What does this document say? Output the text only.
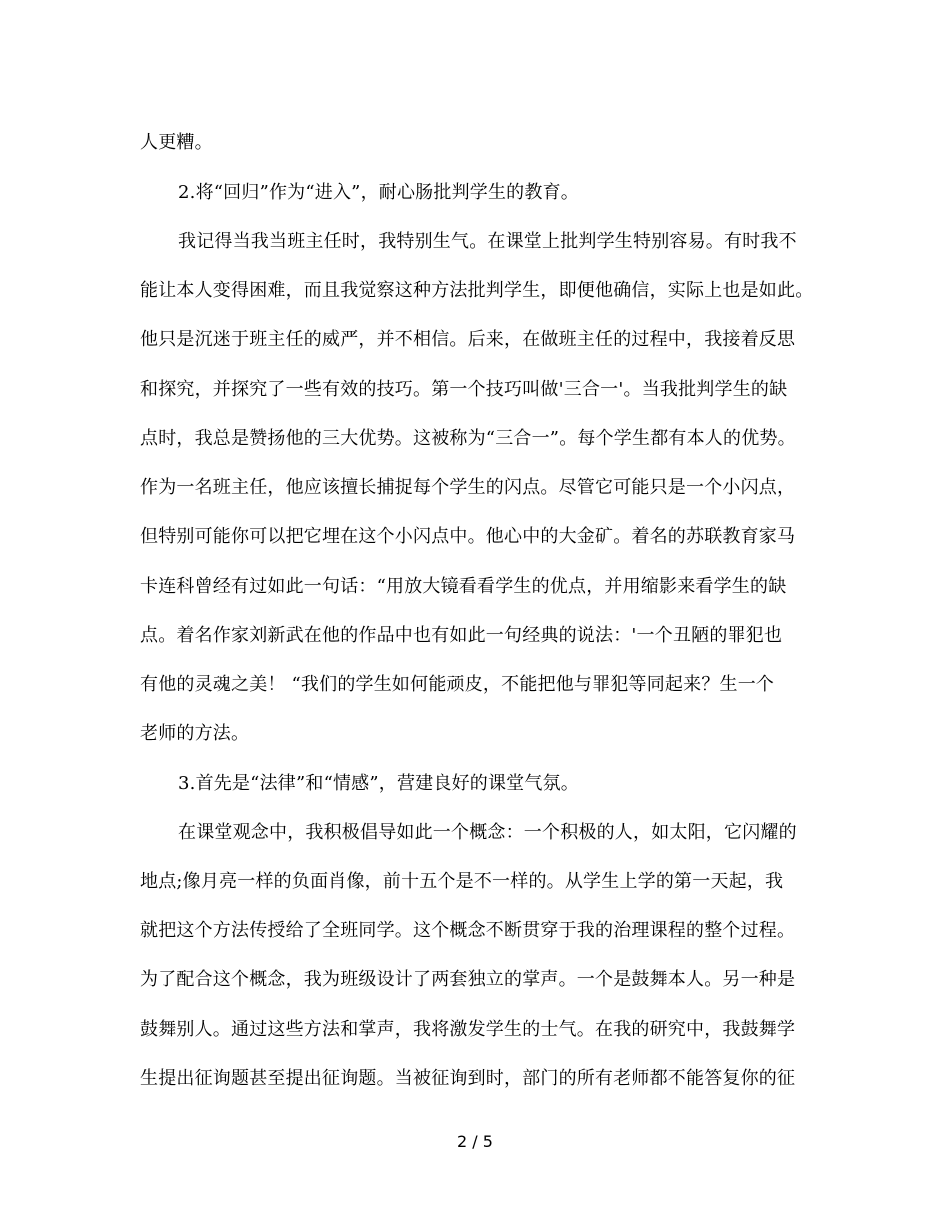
人更糟。
2.将“回归”作为“进入”，耐心肠批判学生的教育。
我记得当我当班主任时，我特别生气。在课堂上批判学生特别容易。有时我不
能让本人变得困难，而且我觉察这种方法批判学生，即便他确信，实际上也是如此。
他只是沉迷于班主任的威严，并不相信。后来，在做班主任的过程中，我接着反思
和探究，并探究了一些有效的技巧。第一个技巧叫做'三合一'。当我批判学生的缺
点时，我总是赞扬他的三大优势。这被称为“三合一”。每个学生都有本人的优势。
作为一名班主任，他应该擅长捕捉每个学生的闪点。尽管它可能只是一个小闪点，
但特别可能你可以把它埋在这个小闪点中。他心中的大金矿。着名的苏联教育家马
卡连科曾经有过如此一句话：“用放大镜看看学生的优点，并用缩影来看学生的缺
点。着名作家刘新武在他的作品中也有如此一句经典的说法：'一个丑陋的罪犯也
有他的灵魂之美！ “我们的学生如何能顽皮，不能把他与罪犯等同起来？生一个
老师的方法。
3.首先是“法律”和“情感”，营建良好的课堂气氛。
在课堂观念中，我积极倡导如此一个概念：一个积极的人，如太阳，它闪耀的
地点;像月亮一样的负面肖像，前十五个是不一样的。从学生上学的第一天起，我
就把这个方法传授给了全班同学。这个概念不断贯穿于我的治理课程的整个过程。
为了配合这个概念，我为班级设计了两套独立的掌声。一个是鼓舞本人。另一种是
鼓舞别人。通过这些方法和掌声，我将激发学生的士气。在我的研究中，我鼓舞学
生提出征询题甚至提出征询题。当被征询到时，部门的所有老师都不能答复你的征
2 / 5
